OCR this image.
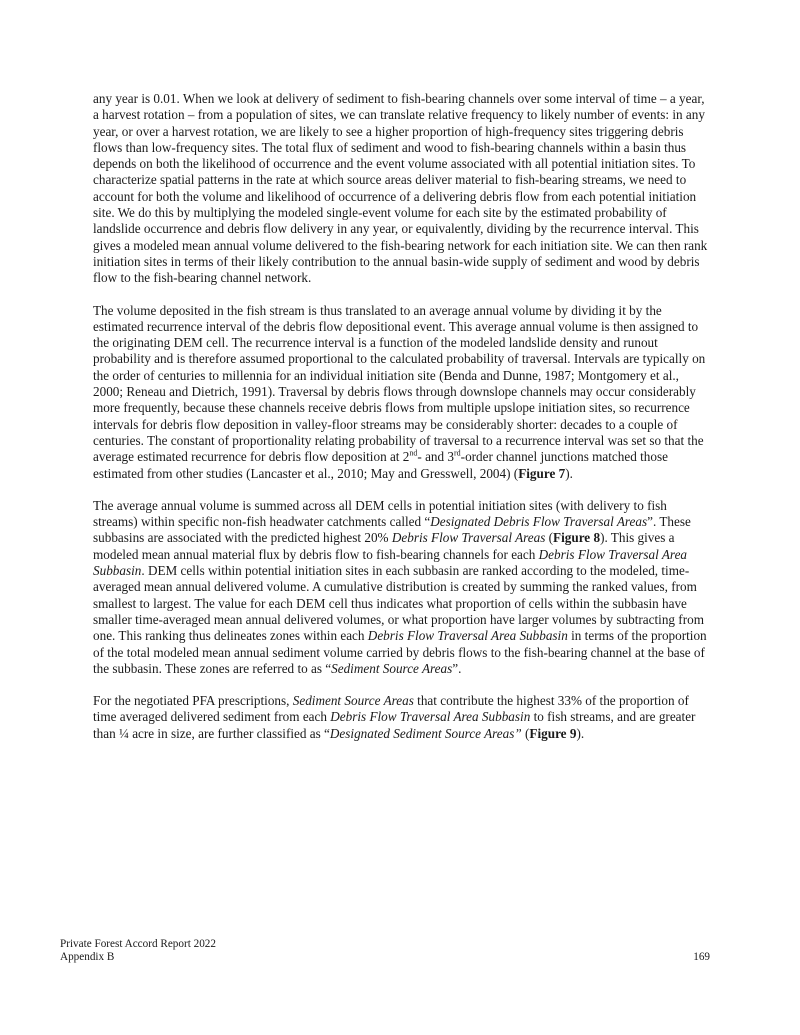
any year is 0.01. When we look at delivery of sediment to fish-bearing channels over some interval of time – a year, a harvest rotation – from a population of sites, we can translate relative frequency to likely number of events: in any year, or over a harvest rotation, we are likely to see a higher proportion of high-frequency sites triggering debris flows than low-frequency sites. The total flux of sediment and wood to fish-bearing channels within a basin thus depends on both the likelihood of occurrence and the event volume associated with all potential initiation sites. To characterize spatial patterns in the rate at which source areas deliver material to fish-bearing streams, we need to account for both the volume and likelihood of occurrence of a delivering debris flow from each potential initiation site. We do this by multiplying the modeled single-event volume for each site by the estimated probability of landslide occurrence and debris flow delivery in any year, or equivalently, dividing by the recurrence interval. This gives a modeled mean annual volume delivered to the fish-bearing network for each initiation site. We can then rank initiation sites in terms of their likely contribution to the annual basin-wide supply of sediment and wood by debris flow to the fish-bearing channel network.

The volume deposited in the fish stream is thus translated to an average annual volume by dividing it by the estimated recurrence interval of the debris flow depositional event. This average annual volume is then assigned to the originating DEM cell. The recurrence interval is a function of the modeled landslide density and runout probability and is therefore assumed proportional to the calculated probability of traversal. Intervals are typically on the order of centuries to millennia for an individual initiation site (Benda and Dunne, 1987; Montgomery et al., 2000; Reneau and Dietrich, 1991). Traversal by debris flows through downslope channels may occur considerably more frequently, because these channels receive debris flows from multiple upslope initiation sites, so recurrence intervals for debris flow deposition in valley-floor streams may be considerably shorter: decades to a couple of centuries. The constant of proportionality relating probability of traversal to a recurrence interval was set so that the average estimated recurrence for debris flow deposition at 2nd- and 3rd-order channel junctions matched those estimated from other studies (Lancaster et al., 2010; May and Gresswell, 2004) (Figure 7).

The average annual volume is summed across all DEM cells in potential initiation sites (with delivery to fish streams) within specific non-fish headwater catchments called “Designated Debris Flow Traversal Areas”. These subbasins are associated with the predicted highest 20% Debris Flow Traversal Areas (Figure 8). This gives a modeled mean annual material flux by debris flow to fish-bearing channels for each Debris Flow Traversal Area Subbasin. DEM cells within potential initiation sites in each subbasin are ranked according to the modeled, time-averaged mean annual delivered volume. A cumulative distribution is created by summing the ranked values, from smallest to largest. The value for each DEM cell thus indicates what proportion of cells within the subbasin have smaller time-averaged mean annual delivered volumes, or what proportion have larger volumes by subtracting from one. This ranking thus delineates zones within each Debris Flow Traversal Area Subbasin in terms of the proportion of the total modeled mean annual sediment volume carried by debris flows to the fish-bearing channel at the base of the subbasin. These zones are referred to as “Sediment Source Areas”.

For the negotiated PFA prescriptions, Sediment Source Areas that contribute the highest 33% of the proportion of time averaged delivered sediment from each Debris Flow Traversal Area Subbasin to fish streams, and are greater than ¼ acre in size, are further classified as “Designated Sediment Source Areas” (Figure 9).

Private Forest Accord Report 2022
Appendix B	169
